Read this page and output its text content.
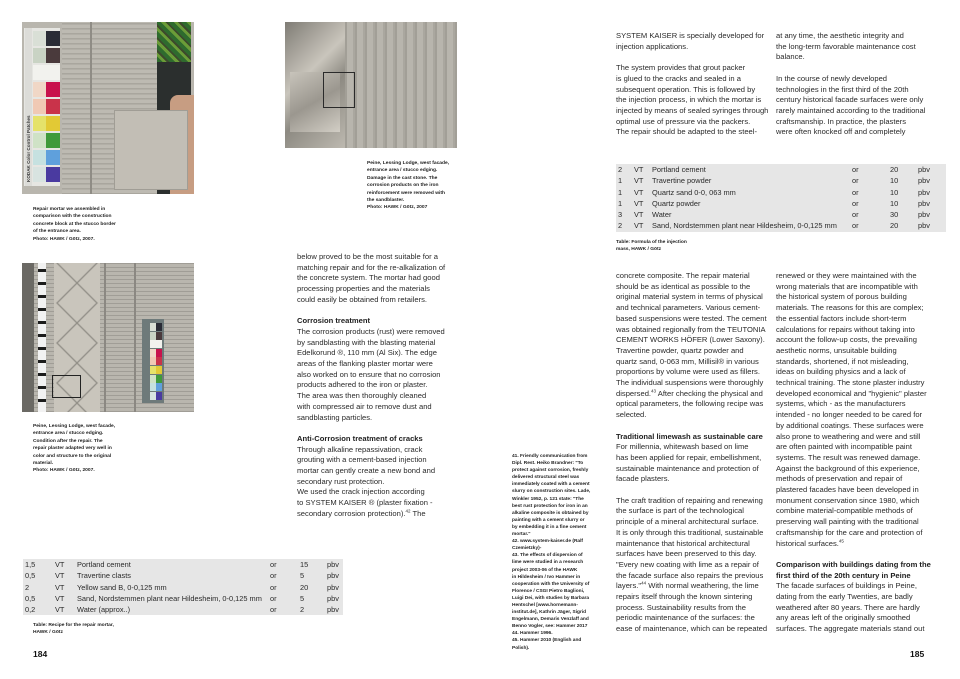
KODAK Color Control Patches
Repair mortar we assembled in
comparison with the construction
concrete block at the stucco border
of the entrance area.
Photo: HAWK / Götz, 2007.
Peine, Lessing Lodge, west facade,
entrance area / stucco edging.
Damage in the cast stone. The
corrosion products on the iron
reinforcement were removed with
the sandblaster.
Photo: HAWK / Götz, 2007
Peine, Lessing Lodge, west facade,
entrance area / stucco edging.
Condition after the repair. The
repair plaster adapted very well in
color and structure to the original
material.
Photo: HAWK / Götz, 2007.

below proved to be the most suitable for a
matching repair and for the re-alkalization of
the concrete system. The mortar had good
processing properties and the materials
could easily be obtained from retailers.

Corrosion treatment

The corrosion products (rust) were removed
by sandblasting with the blasting material
Edelkorund ®, 110 mm (Al Six). The edge
areas of the flanking plaster mortar were
also worked on to ensure that no corrosion
products adhered to the iron or plaster.
The area was then thoroughly cleaned
with compressed air to remove dust and
sandblasting particles.

Anti-Corrosion treatment of cracks

Through alkaline repassivation, crack
grouting with a cement-based injection
mortar can gently create a new bond and
secondary rust protection.
We used the crack injection according
to SYSTEM KAISER ® (plaster fixation -
secondary corrosion protection).$^{42}$ The

1,5	VT	Portland cement	or	15	pbv
0,5	VT	Travertine clasts	or	5	pbv
2	VT	Yellow sand B, 0-0,125 mm	or	20	pbv
0,5	VT	Sand, Nordstemmen plant near Hildesheim, 0-0,125 mm	or	5	pbv
0,2	VT	Water (approx..)	or	2	pbv
Table: Recipe for the repair mortar,
HAWK / Götz
184
41. Friendly communication from
Dipl. Rest. Heiko Brandner: "To
protect against corrosion, freshly
delivered structural steel was
immediately coated with a cement
slurry on construction sites. Lade,
Winkler 1952, p. 121 state: "The
best rust protection for iron in an
alkaline composite is obtained by
painting with a cement slurry or
by embedding it in a fine cement
mortar."
42. www.system-kaiser.de (Ralf
Czemietzky)-
43. The effects of dispersion of
lime were studied in a research
project 2003-06 of the HAWK
in Hildesheim / Ivo Hammer in
cooperation with the University of
Florence / CSGI Pietro Baglioni,
Luigi Dei, with studies by Barbara
Hentschel [www.hornemann-
institut.de], Kathrin Jäger, Sigrid
Engelmann, Demaris Venzlaff and
Benno Vogler, see: Hammer 2017
44. Hammer 1996.
45. Hammer 2010 (English and
Polish).

SYSTEM KAISER is specially developed for
injection applications.

The system provides that grout packer
is glued to the cracks and sealed in a
subsequent operation. This is followed by
the injection process, in which the mortar is
injected by means of sealed syringes through
optimal use of pressure via the packers.
The repair should be adapted to the steel-

at any time, the aesthetic integrity and
the long-term favorable maintenance cost
balance.

In the course of newly developed
technologies in the first third of the 20th
century historical facade surfaces were only
rarely maintained according to the traditional
craftsmanship. In practice, the plasters
were often knocked off and completely

2	VT	Portland cement	or	20	pbv
1	VT	Travertine powder	or	10	pbv
1	VT	Quartz sand 0-0, 063 mm	or	10	pbv
1	VT	Quartz powder	or	10	pbv
3	VT	Water	or	30	pbv
2	VT	Sand, Nordstemmen plant near Hildesheim, 0-0,125 mm	or	20	pbv
Table: Formula of the injection
mass, HAWK / Götz

concrete composite. The repair material
should be as identical as possible to the
original material system in terms of physical
and technical parameters. Various cement-
based suspensions were tested. The cement
was obtained regionally from the TEUTONIA
CEMENT WORKS HÖFER (Lower Saxony).
Travertine powder, quartz powder and
quartz sand, 0-063 mm, Millisil® in various
proportions by volume were used as fillers.
The individual suspensions were thoroughly
dispersed.$^{43}$ After checking the physical and
optical parameters, the following recipe was
selected.

Traditional limewash as sustainable care

For millennia, whitewash based on lime
has been applied for repair, embellishment,
sustainable maintenance and protection of
facade plasters.

The craft tradition of repairing and renewing
the surface is part of the technological
principle of a mineral architectural surface.
It is only through this traditional, sustainable
maintenance that historical architectural
surfaces have been preserved to this day.
"Every new coating with lime as a repair of
the facade surface also repairs the previous
layers."$^{44}$ With normal weathering, the lime
repairs itself through the known sintering
process. Sustainability results from the
periodic maintenance of the surfaces: the
ease of maintenance, which can be repeated

renewed or they were maintained with the
wrong materials that are incompatible with
the historical system of porous building
materials. The reasons for this are complex;
the essential factors include short-term
calculations for repairs without taking into
account the follow-up costs, the prevailing
aesthetic norms, unsuitable building
standards, shortened, if not misleading,
ideas on building physics and a lack of
technical training. The stone plaster industry
developed economical and "hygienic" plaster
systems, which - as the manufacturers
intended - no longer needed to be cared for
by additional coatings. These surfaces were
also prone to weathering and were and still
are often painted with incompatible paint
systems. The result was renewed damage.
Against the background of this experience,
methods of preservation and repair of
plastered facades have been developed in
monument conservation since 1980, which
combine material-compatible methods of
preserving wall painting with the traditional
craftsmanship for the care and protection of
historical surfaces.$^{45}$

Comparison with buildings dating from the
first third of the 20th century in Peine

The facade surfaces of buildings in Peine,
dating from the early Twenties, are badly
weathered after 80 years. There are hardly
any areas left of the originally smoothed
surfaces. The aggregate materials stand out

185
